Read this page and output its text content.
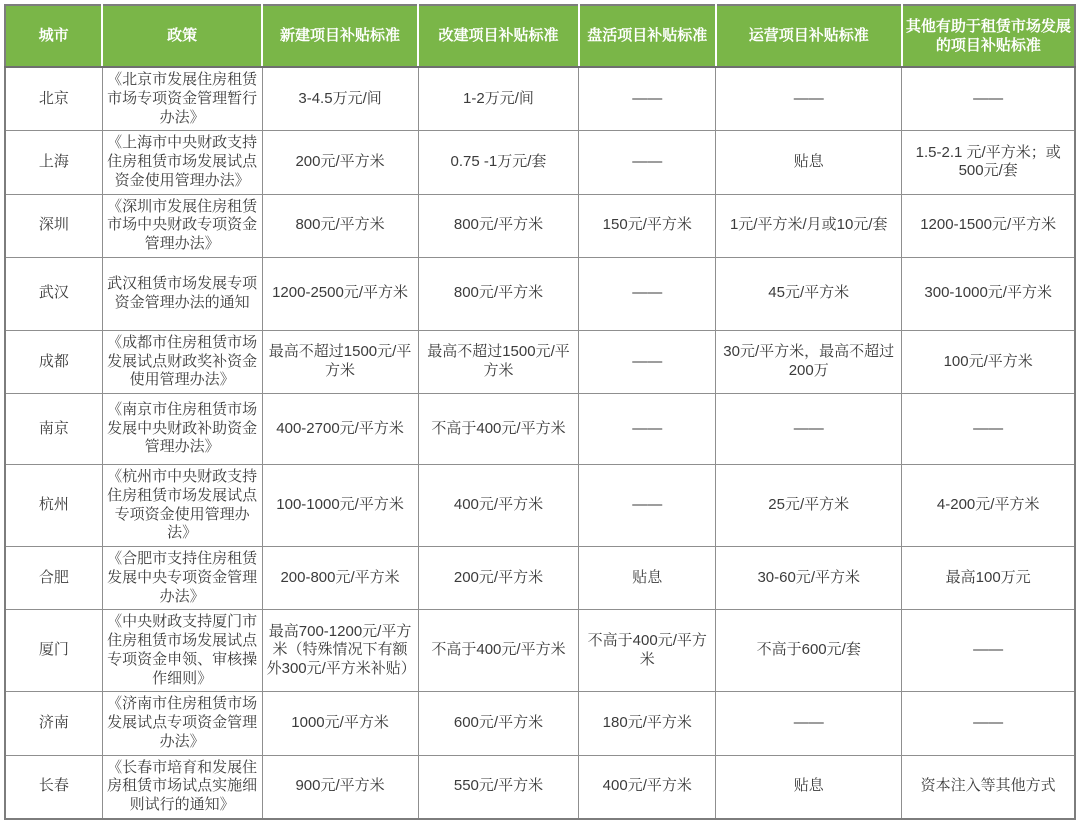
城市	政策	新建项目补贴标准	改建项目补贴标准	盘活项目补贴标准	运营项目补贴标准	其他有助于租赁市场发展的项目补贴标准
北京	《北京市发展住房租赁市场专项资金管理暂行办法》	3-4.5万元/间	1-2万元/间	——	——	——
上海	《上海市中央财政支持住房租赁市场发展试点资金使用管理办法》	200元/平方米	0.75 -1万元/套	——	贴息	1.5-2.1 元/平方米；或500元/套
深圳	《深圳市发展住房租赁市场中央财政专项资金管理办法》	800元/平方米	800元/平方米	150元/平方米	1元/平方米/月或10元/套	1200-1500元/平方米
武汉	武汉租赁市场发展专项资金管理办法的通知	1200-2500元/平方米	800元/平方米	——	45元/平方米	300-1000元/平方米
成都	《成都市住房租赁市场发展试点财政奖补资金使用管理办法》	最高不超过1500元/平方米	最高不超过1500元/平方米	——	30元/平方米，最高不超过200万	100元/平方米
南京	《南京市住房租赁市场发展中央财政补助资金管理办法》	400-2700元/平方米	不高于400元/平方米	——	——	——
杭州	《杭州市中央财政支持住房租赁市场发展试点专项资金使用管理办法》	100-1000元/平方米	400元/平方米	——	25元/平方米	4-200元/平方米
合肥	《合肥市支持住房租赁发展中央专项资金管理办法》	200-800元/平方米	200元/平方米	贴息	30-60元/平方米	最高100万元
厦门	《中央财政支持厦门市住房租赁市场发展试点专项资金申领、审核操作细则》	最高700-1200元/平方米（特殊情况下有额外300元/平方米补贴）	不高于400元/平方米	不高于400元/平方米	不高于600元/套	——
济南	《济南市住房租赁市场发展试点专项资金管理办法》	1000元/平方米	600元/平方米	180元/平方米	——	——
长春	《长春市培育和发展住房租赁市场试点实施细则试行的通知》	900元/平方米	550元/平方米	400元/平方米	贴息	资本注入等其他方式
